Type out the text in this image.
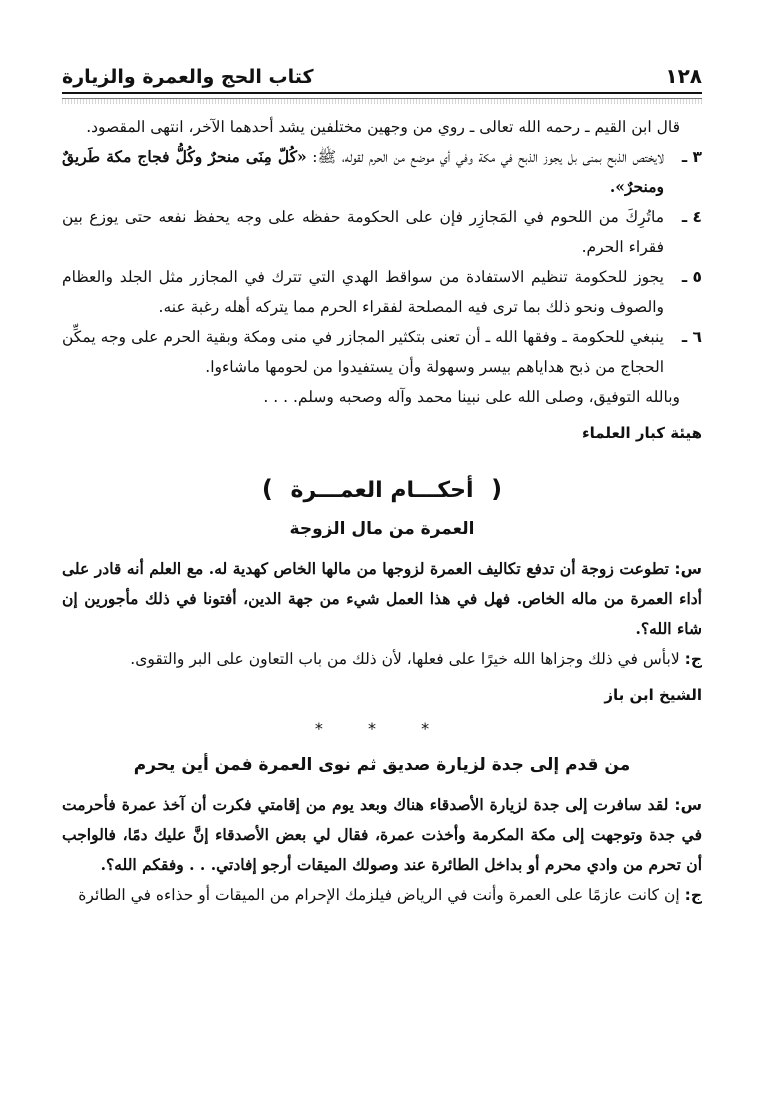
١٢٨
كتاب الحج والعمرة والزيارة

قال ابن القيم ـ رحمه الله تعالى ـ روي من وجهين مختلفين يشد أحدهما الآخر، انتهى المقصود.

٣ ـ
لايختص الذبح بمنى بل يجوز الذبح في مكة وفي أي موضع من الحرم لقوله، ﷺ: «كُلّ مِنَى منحرٌ وكُلُّ فجاج مكة طَريقٌ ومنحرٌ».
٤ ـ
ماتُرِكَ من اللحوم في المَجازِر فإن على الحكومة حفظه على وجه يحفظ نفعه حتى يوزع بين فقراء الحرم.
٥ ـ
يجوز للحكومة تنظيم الاستفادة من سواقط الهدي التي تترك في المجازر مثل الجلد والعظام والصوف ونحو ذلك بما ترى فيه المصلحة لفقراء الحرم مما يتركه أهله رغبة عنه.
٦ ـ
ينبغي للحكومة ـ وفقها الله ـ أن تعنى بتكثير المجازر في منى ومكة وبقية الحرم على وجه يمكِّن الحجاج من ذبح هداياهم بيسر وسهولة وأن يستفيدوا من لحومها ماشاءوا.

وبالله التوفيق، وصلى الله على نبينا محمد وآله وصحبه وسلم. . . .

هيئة كبار العلماء
( أحكـــام العمـــرة )
العمرة من مال الزوجة

س: تطوعت زوجة أن تدفع تكاليف العمرة لزوجها من مالها الخاص كهدية له. مع العلم أنه قادر على أداء العمرة من ماله الخاص. فهل في هذا العمل شيء من جهة الدين، أفتونا في ذلك مأجورين إن شاء الله؟.

ج: لابأس في ذلك وجزاها الله خيرًا على فعلها، لأن ذلك من باب التعاون على البر والتقوى.

الشيخ ابن باز
* * *
من قدم إلى جدة لزيارة صديق ثم نوى العمرة فمن أين يحرم

س: لقد سافرت إلى جدة لزيارة الأصدقاء هناك وبعد يوم من إقامتي فكرت أن آخذ عمرة فأحرمت في جدة وتوجهت إلى مكة المكرمة وأخذت عمرة، فقال لي بعض الأصدقاء إنَّ عليك دمًا، فالواجب أن تحرم من وادي محرم أو بداخل الطائرة عند وصولك الميقات أرجو إفادتي. . . وفقكم الله؟.

ج: إن كانت عازمًا على العمرة وأنت في الرياض فيلزمك الإحرام من الميقات أو حذاءه في الطائرة
